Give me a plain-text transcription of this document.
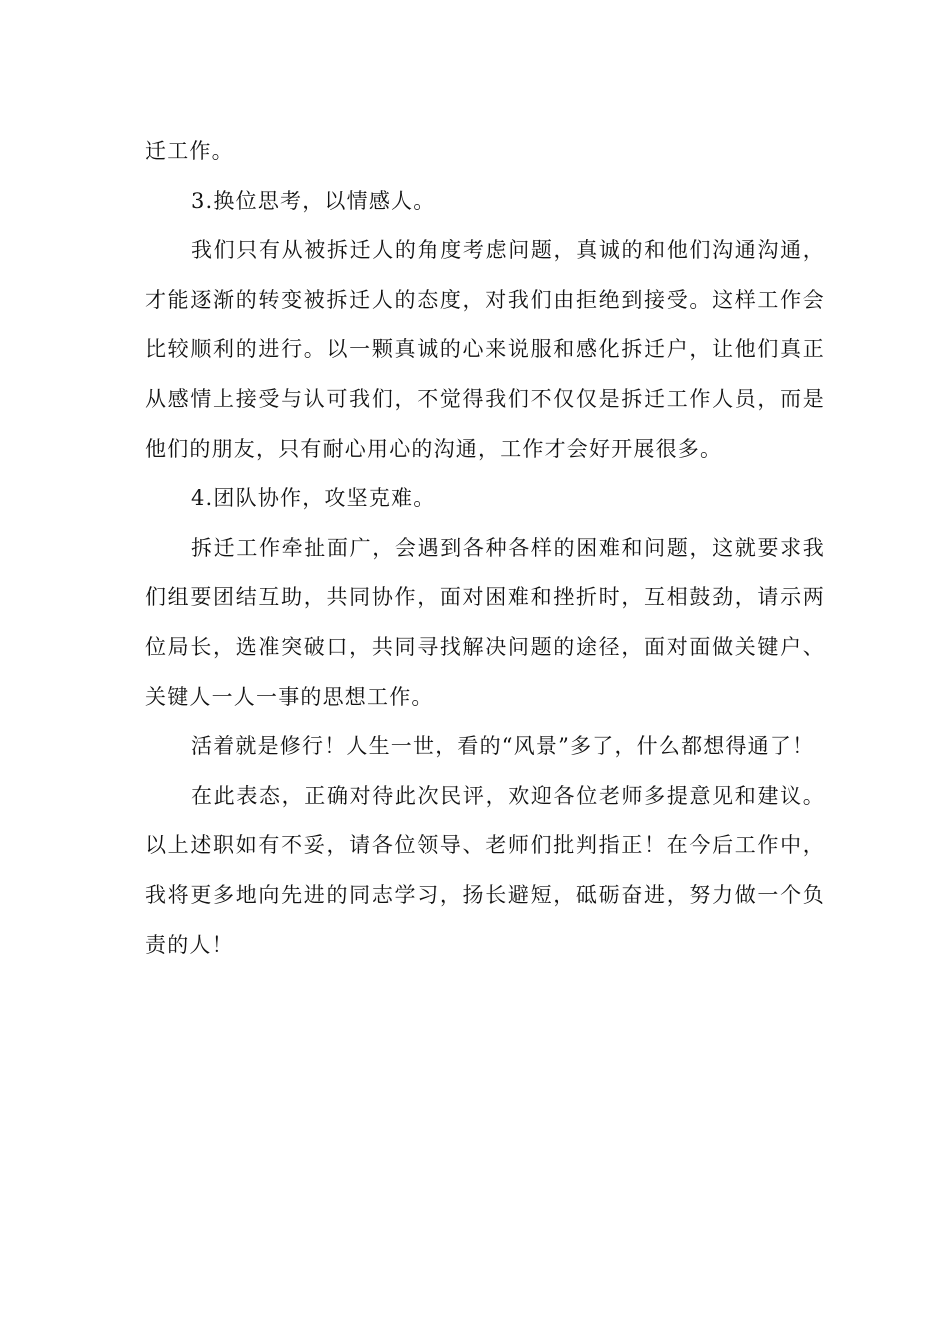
迁工作。

3.换位思考，以情感人。

我们只有从被拆迁人的角度考虑问题，真诚的和他们沟通沟通，才能逐渐的转变被拆迁人的态度，对我们由拒绝到接受。这样工作会比较顺利的进行。以一颗真诚的心来说服和感化拆迁户，让他们真正从感情上接受与认可我们，不觉得我们不仅仅是拆迁工作人员，而是他们的朋友，只有耐心用心的沟通，工作才会好开展很多。

4.团队协作，攻坚克难。

拆迁工作牵扯面广，会遇到各种各样的困难和问题，这就要求我们组要团结互助，共同协作，面对困难和挫折时，互相鼓劲，请示两位局长，选准突破口，共同寻找解决问题的途径，面对面做关键户、关键人一人一事的思想工作。

活着就是修行！人生一世，看的“风景”多了，什么都想得通了！

在此表态，正确对待此次民评，欢迎各位老师多提意见和建议。以上述职如有不妥，请各位领导、老师们批判指正！在今后工作中，我将更多地向先进的同志学习，扬长避短，砥砺奋进，努力做一个负责的人！
